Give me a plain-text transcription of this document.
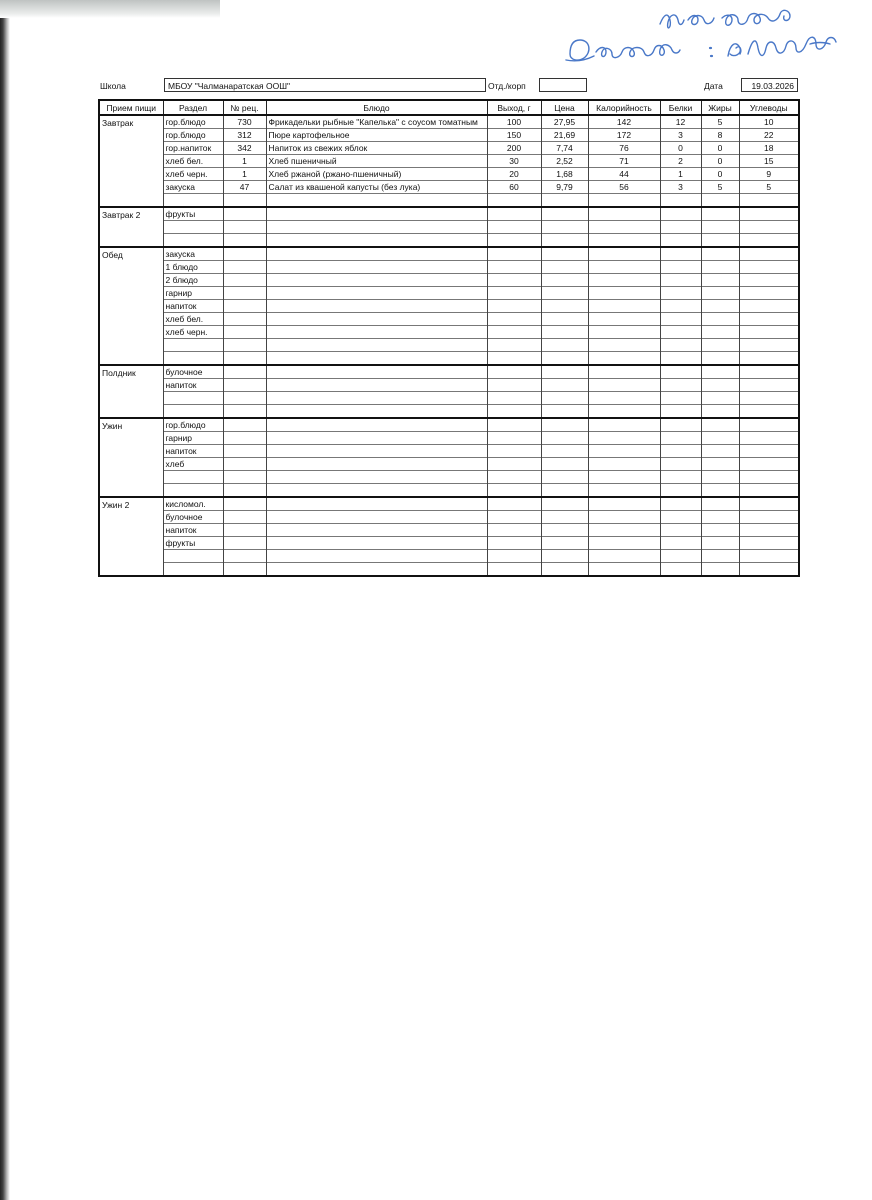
Школа	МБОУ "Чалманаратская ООШ"	Отд./корп	Дата	19.03.2026
Прием пищи	Раздел	№ рец.	Блюдо	Выход, г	Цена	Калорийность	Белки	Жиры	Углеводы
Завтрак	гор.блюдо	730	Фрикадельки рыбные "Капелька" с соусом томатным	100	27,95	142	12	5	10
	гор.блюдо	312	Пюре картофельное	150	21,69	172	3	8	22
	гор.напиток	342	Напиток из свежих яблок	200	7,74	76	0	0	18
	хлеб бел.	1	Хлеб пшеничный	30	2,52	71	2	0	15
	хлеб черн.	1	Хлеб ржаной (ржано-пшеничный)	20	1,68	44	1	0	9
	закуска	47	Салат из квашеной капусты (без лука)	60	9,79	56	3	5	5

Завтрак 2	фрукты								

Обед	закуска								
	1 блюдо								
	2 блюдо								
	гарнир								
	напиток								
	хлеб бел.								
	хлеб черн.								

Полдник	булочное								
	напиток								

Ужин	гор.блюдо								
	гарнир								
	напиток								
	хлеб								

Ужин 2	кисломол.								
	булочное								
	напиток								
	фрукты								
